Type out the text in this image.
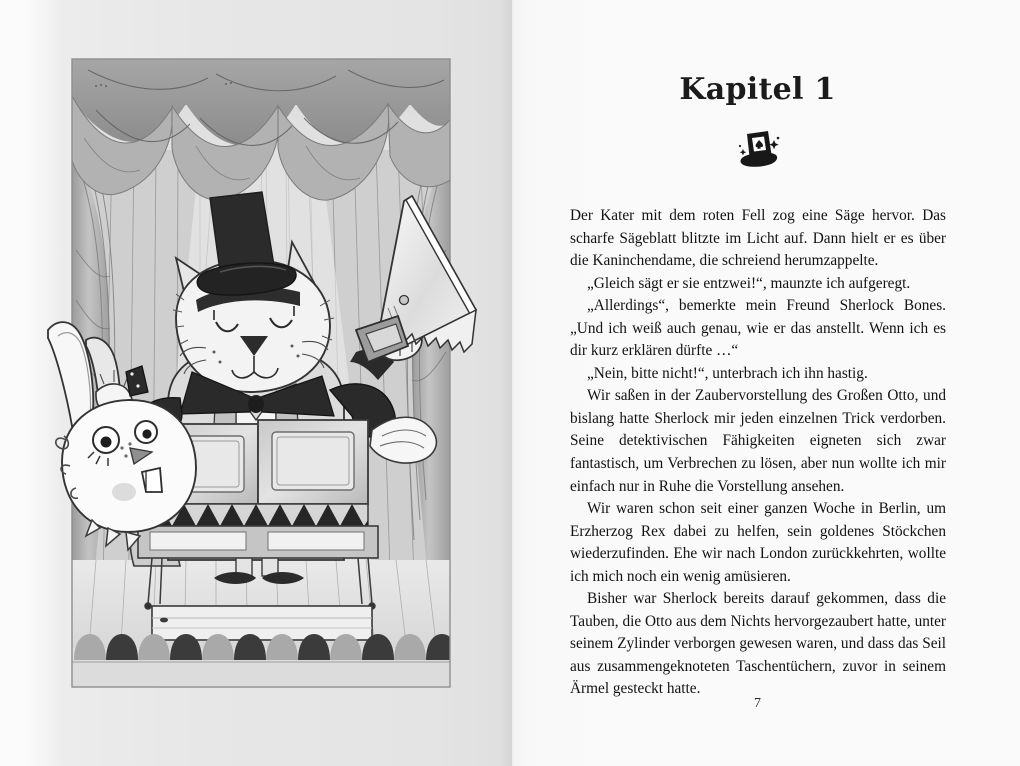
Kapitel 1

Der Kater mit dem roten Fell zog eine Säge hervor. Das scharfe Sägeblatt blitzte im Licht auf. Dann hielt er es über die Kaninchendame, die schreiend herumzappelte.

„Gleich sägt er sie entzwei!“, maunzte ich aufgeregt.

„Allerdings“, bemerkte mein Freund Sherlock Bones. „Und ich weiß auch genau, wie er das anstellt. Wenn ich es dir kurz erklären dürfte …“

„Nein, bitte nicht!“, unterbrach ich ihn hastig.

Wir saßen in der Zaubervorstellung des Großen Otto, und bislang hatte Sherlock mir jeden einzelnen Trick verdorben. Seine detektivischen Fähigkeiten eigneten sich zwar fantastisch, um Verbrechen zu lösen, aber nun wollte ich mir einfach nur in Ruhe die Vorstellung ansehen.

Wir waren schon seit einer ganzen Woche in Berlin, um Erzherzog Rex dabei zu helfen, sein goldenes Stöckchen wiederzufinden. Ehe wir nach London zurückkehrten, wollte ich mich noch ein wenig amüsieren.

Bisher war Sherlock bereits darauf gekommen, dass die Tauben, die Otto aus dem Nichts hervorgezaubert hatte, unter seinem Zylinder verborgen gewesen waren, und dass das Seil aus zusammengeknoteten Taschentüchern, zuvor in seinem Ärmel gesteckt hatte.

7
